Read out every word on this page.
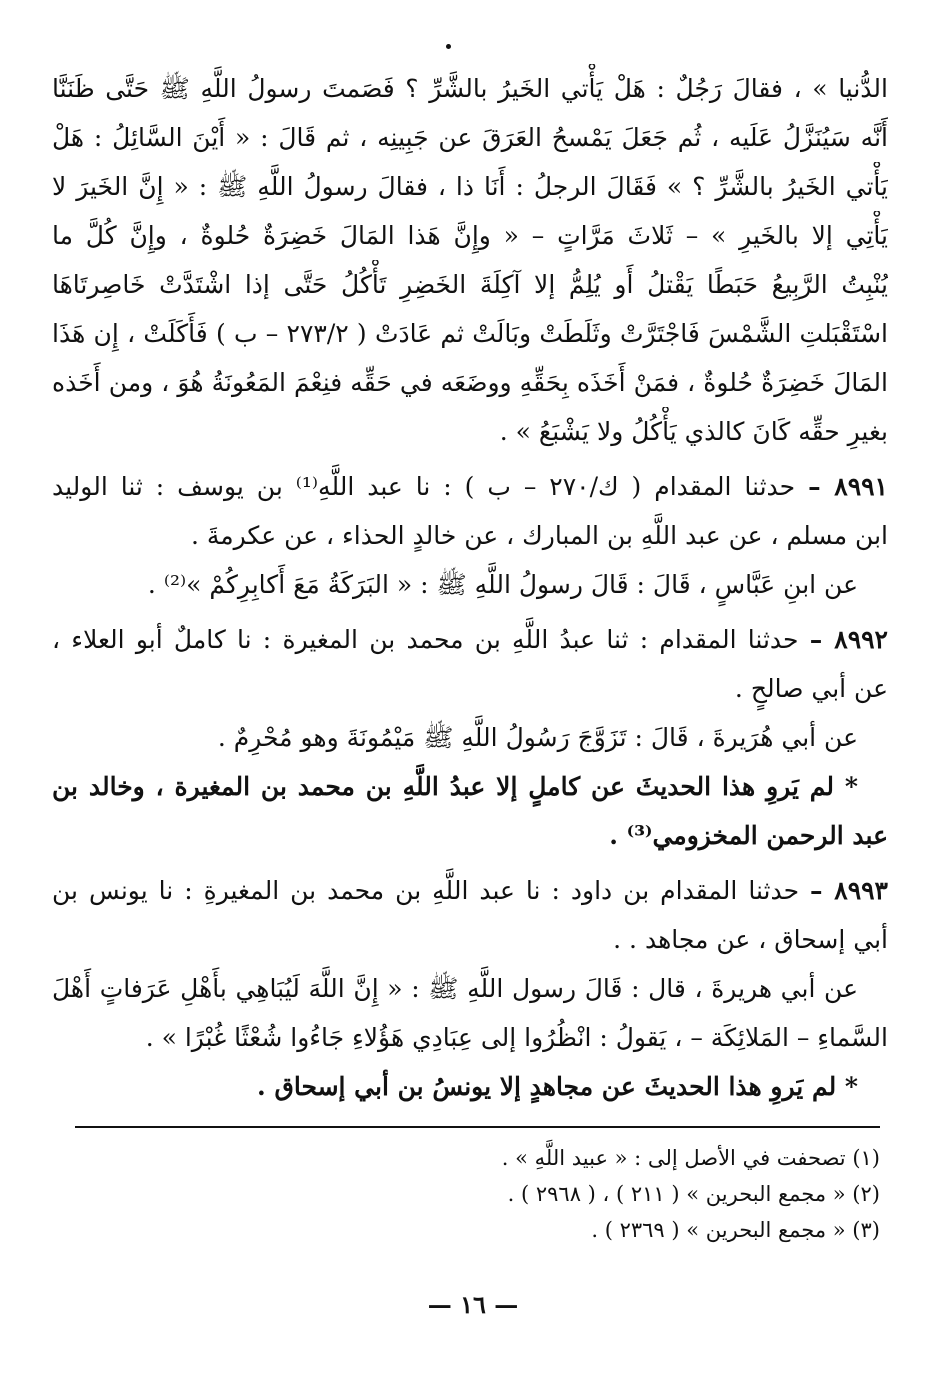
الدُّنيا » ، فقالَ رَجُلٌ : هَلْ يَأْتي الخَيرُ بالشَّرِّ ؟ فَصَمتَ رسولُ اللَّهِ ﷺ حَتَّى ظَنَنَّا
أَنَّه سَيُنَزَّلُ عَلَيه ، ثُم جَعَلَ يَمْسحُ العَرَقَ عن جَبِينِه ، ثم قَالَ : « أَيْنَ السَّائِلُ : هَلْ
يَأْتي الخَيرُ بالشَّرِّ ؟ » فَقَالَ الرجلُ : أَنَا ذا ، فقالَ رسولُ اللَّهِ ﷺ : « إِنَّ الخَيرَ لا
يَأْتِي إلا بالخَيرِ » – ثَلاثَ مَرَّاتٍ – « وإِنَّ هَذا المَالَ خَضِرَةٌ حُلوةٌ ، وإِنَّ كُلَّ ما
يُنْبِتُ الرَّبِيعُ حَبَطًا يَقْتلُ أَو يُلِمُّ إلا آكِلَةَ الخَضِرِ تَأْكُلُ حَتَّى إذا اشْتَدَّتْ خَاصِرتَاهَا
اسْتَقْبَلتِ الشَّمْسَ فَاجْتَرَّتْ وثَلَطَتْ وبَالَتْ ثم عَادَتْ ( ٢٧٣/٢ – ب ) فَأَكَلَتْ ، إِن هَذَا
المَالَ خَضِرَةٌ حُلوةٌ ، فمَنْ أَخَذَه بِحَقِّهِ ووضَعَه في حَقِّه فنِعْمَ المَعُونَةُ هُوَ ، ومن أَخَذه
بغيرِ حقِّه كَانَ كالذي يَأْكُلُ ولا يَشْبَعُ » .
٨٩٩١ – حدثنا المقدام ( ك/٢٧٠ – ب ) : نا عبد اللَّهِ⁽¹⁾ بن يوسف : ثنا الوليد
ابن مسلم ، عن عبد اللَّهِ بن المبارك ، عن خالدٍ الحذاء ، عن عكرمةَ .
عن ابنِ عَبَّاسٍ ، قَالَ : قَالَ رسولُ اللَّهِ ﷺ : « البَرَكَةُ مَعَ أَكابِرِكُمْ »⁽²⁾ .
٨٩٩٢ – حدثنا المقدام : ثنا عبدُ اللَّهِ بن محمد بن المغيرة : نا كاملٌ أبو العلاء ،
عن أبي صالحٍ .
عن أبي هُرَيرةَ ، قَالَ : تَزَوَّجَ رَسُولُ اللَّهِ ﷺ مَيْمُونَةَ وهو مُحْرِمٌ .
* لم يَروِ هذا الحديثَ عن كاملٍ إلا عبدُ اللَّهِ بن محمد بن المغيرة ، وخالد بن
عبد الرحمن المخزومي⁽³⁾ .
٨٩٩٣ – حدثنا المقدام بن داود : نا عبد اللَّهِ بن محمد بن المغيرةِ : نا يونس بن
أبي إسحاق ، عن مجاهد . .
عن أبي هريرةَ ، قال : قَالَ رسول اللَّهِ ﷺ : « إِنَّ اللَّهَ لَيُبَاهِي بأَهْلِ عَرَفاتٍ أَهْلَ
السَّماءِ – المَلائِكَة – ، يَقولُ : انْظُرُوا إلى عِبَادِي هَؤُلاءِ جَاءُوا شُعْثًا غُبْرًا » .
* لم يَروِ هذا الحديثَ عن مجاهدٍ إلا يونسُ بن أبي إسحاق .
(١) تصحفت في الأصل إلى : « عبيد اللَّهِ » .
(٢) « مجمع البحرين » ( ٢١١ ) ، ( ٢٩٦٨ ) .
(٣) « مجمع البحرين » ( ٢٣٦٩ ) .
— ١٦ —
